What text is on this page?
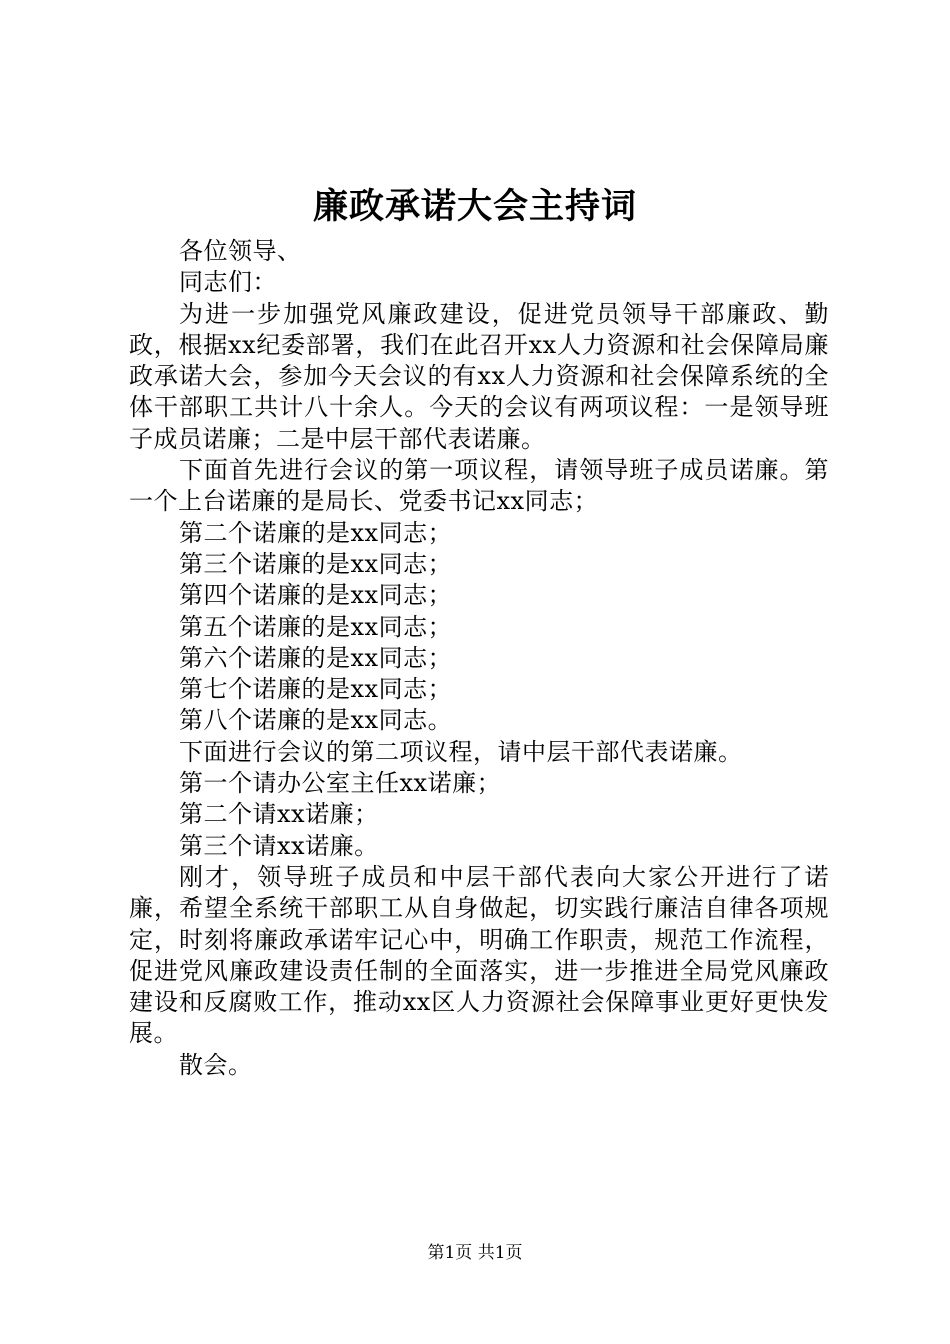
廉政承诺大会主持词

各位领导、

同志们：

为进一步加强党风廉政建设，促进党员领导干部廉政、勤政，根据xx纪委部署，我们在此召开xx人力资源和社会保障局廉政承诺大会，参加今天会议的有xx人力资源和社会保障系统的全体干部职工共计八十余人。今天的会议有两项议程：一是领导班子成员诺廉；二是中层干部代表诺廉。

下面首先进行会议的第一项议程，请领导班子成员诺廉。第一个上台诺廉的是局长、党委书记xx同志；

第二个诺廉的是xx同志；

第三个诺廉的是xx同志；

第四个诺廉的是xx同志；

第五个诺廉的是xx同志；

第六个诺廉的是xx同志；

第七个诺廉的是xx同志；

第八个诺廉的是xx同志。

下面进行会议的第二项议程，请中层干部代表诺廉。

第一个请办公室主任xx诺廉；

第二个请xx诺廉；

第三个请xx诺廉。

刚才，领导班子成员和中层干部代表向大家公开进行了诺廉，希望全系统干部职工从自身做起，切实践行廉洁自律各项规定，时刻将廉政承诺牢记心中，明确工作职责，规范工作流程，促进党风廉政建设责任制的全面落实，进一步推进全局党风廉政建设和反腐败工作，推动xx区人力资源社会保障事业更好更快发展。

散会。

第1页 共1页
